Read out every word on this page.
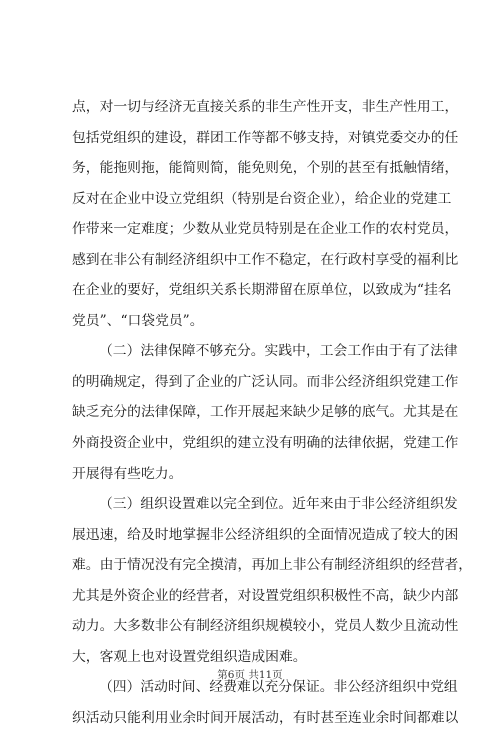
点，对一切与经济无直接关系的非生产性开支，非生产性用工，
包括党组织的建设，群团工作等都不够支持，对镇党委交办的任
务，能拖则拖，能简则简，能免则免，个别的甚至有抵触情绪，
反对在企业中设立党组织（特别是台资企业），给企业的党建工
作带来一定难度；少数从业党员特别是在企业工作的农村党员，
感到在非公有制经济组织中工作不稳定，在行政村享受的福利比
在企业的要好，党组织关系长期滞留在原单位，以致成为“挂名
党员”、“口袋党员”。
（二）法律保障不够充分。实践中，工会工作由于有了法律
的明确规定，得到了企业的广泛认同。而非公经济组织党建工作
缺乏充分的法律保障，工作开展起来缺少足够的底气。尤其是在
外商投资企业中，党组织的建立没有明确的法律依据，党建工作
开展得有些吃力。
（三）组织设置难以完全到位。近年来由于非公经济组织发
展迅速，给及时地掌握非公经济组织的全面情况造成了较大的困
难。由于情况没有完全摸清，再加上非公有制经济组织的经营者，
尤其是外资企业的经营者，对设置党组织积极性不高，缺少内部
动力。大多数非公有制经济组织规模较小，党员人数少且流动性
大，客观上也对设置党组织造成困难。
（四）活动时间、经费难以充分保证。非公经济组织中党组
织活动只能利用业余时间开展活动，有时甚至连业余时间都难以
第6页 共11页
